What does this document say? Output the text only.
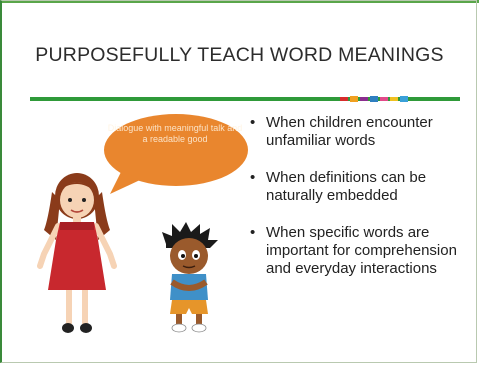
PURPOSEFULLY TEACH WORD MEANINGS
Dialogue with meaningful talk and a readable good
• When children encounter unfamiliar words
• When definitions can be naturally embedded
• When specific words are important for comprehension and everyday interactions
